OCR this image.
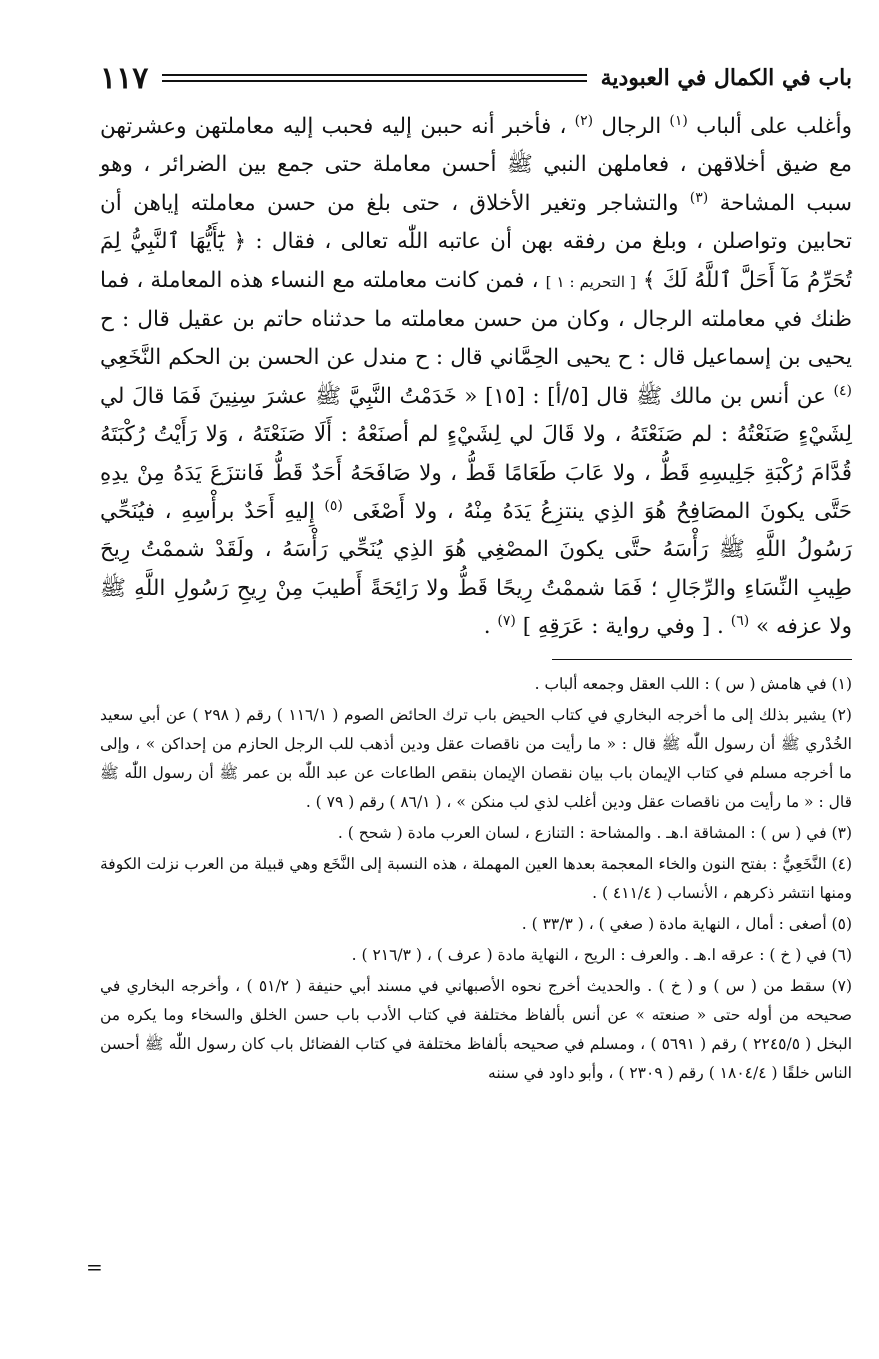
باب في الكمال في العبودية
١١٧

وأغلب على ألباب $^{(١)}$ الرجال $^{(٢)}$ ، فأخبر أنه حببن إليه فحبب إليه معاملتهن وعشرتهن مع ضيق أخلاقهن ، فعاملهن النبي ﷺ أحسن معاملة حتى جمع بين الضرائر ، وهو سبب المشاحة $^{(٣)}$ والتشاجر وتغير الأخلاق ، حتى بلغ من حسن معاملته إياهن أن تحابين وتواصلن ، وبلغ من رفقه بهن أن عاتبه اللّٰه تعالى ، فقال : ﴿ يَٰٓأَيُّهَا ٱلنَّبِيُّ لِمَ تُحَرِّمُ مَآ أَحَلَّ ٱللَّهُ لَكَ ﴾ [ التحريم : ١ ] ، فمن كانت معاملته مع النساء هذه المعاملة ، فما ظنك في معاملته الرجال ، وكان من حسن معاملته ما حدثناه حاتم بن عقيل قال : ح يحيى بن إسماعيل قال : ح يحيى الحِمَّاني قال : ح مندل عن الحسن بن الحكم النَّخَعِي $^{(٤)}$ عن أنس بن مالك ﷺ قال [٥/أ] : [١٥] « خَدَمْتُ النَّبِيَّ ﷺ عشرَ سِنِينَ فَمَا قالَ لي لِشَيْءٍ صَنَعْتُهُ : لم صَنَعْتَهُ ، ولا قَالَ لي لِشَيْءٍ لم أصنَعْهُ : أَلَا صَنَعْتَهُ ، وَلا رَأَيْتُ رُكْبَتَهُ قُدَّامَ رُكْبَةِ جَلِيسِهِ قَطُّ ، ولا عَابَ طَعَامًا قَطُّ ، ولا صَافَحَهُ أَحَدٌ قَطُّ فَانتزَعَ يَدَهُ مِنْ يدِهِ حَتَّى يكونَ المصَافِحُ هُوَ الذِي ينتزِعُ يَدَهُ مِنْهُ ، ولا أَصْغَى $^{(٥)}$ إِليهِ أَحَدٌ برأْسِهِ ، فيُنَحِّي رَسُولُ اللَّهِ ﷺ رَأْسَهُ حتَّى يكونَ المصْغِي هُوَ الذِي يُنَحِّي رَأْسَهُ ، ولَقَدْ شممْتُ رِيحَ طِيبِ النِّسَاءِ والرِّجَالِ ؛ فَمَا شممْتُ رِيحًا قَطُّ ولا رَائِحَةً أَطيبَ مِنْ رِيحِ رَسُولِ اللَّهِ ﷺ ولا عزفه » $^{(٦)}$ . [ وفي رواية : عَرَقِهِ ] $^{(٧)}$ .

(١) في هامش ( س ) : اللب العقل وجمعه ألباب .

(٢) يشير بذلك إلى ما أخرجه البخاري في كتاب الحيض باب ترك الحائض الصوم ( ١١٦/١ ) رقم ( ٢٩٨ ) عن أبي سعيد الخُدْري ﷺ أن رسول اللّٰه ﷺ قال : « ما رأيت من ناقصات عقل ودين أذهب للب الرجل الحازم من إحداكن » ، وإلى ما أخرجه مسلم في كتاب الإيمان باب بيان نقصان الإيمان بنقص الطاعات عن عبد اللّٰه بن عمر ﷺ أن رسول اللّٰه ﷺ قال : « ما رأيت من ناقصات عقل ودين أغلب لذي لب منكن » ، ( ٨٦/١ ) رقم ( ٧٩ ) .

(٣) في ( س ) : المشاقة ا.هـ . والمشاحة : التنازع ، لسان العرب مادة ( شحح ) .

(٤) النَّخَعِيُّ : بفتح النون والخاء المعجمة بعدها العين المهملة ، هذه النسبة إلى النَّخَع وهي قبيلة من العرب نزلت الكوفة ومنها انتشر ذكرهم ، الأنساب ( ٤١١/٤ ) .

(٥) أصغى : أمال ، النهاية مادة ( صغي ) ، ( ٣٣/٣ ) .

(٦) في ( خ ) : عرقه ا.هـ . والعرف : الريح ، النهاية مادة ( عرف ) ، ( ٢١٦/٣ ) .

(٧) سقط من ( س ) و ( خ ) . والحديث أخرج نحوه الأصبهاني في مسند أبي حنيفة ( ٥١/٢ ) ، وأخرجه البخاري في صحيحه من أوله حتى « صنعته » عن أنس بألفاظ مختلفة في كتاب الأدب باب حسن الخلق والسخاء وما يكره من البخل ( ٢٢٤٥/٥ ) رقم ( ٥٦٩١ ) ، ومسلم في صحيحه بألفاظ مختلفة في كتاب الفضائل باب كان رسول اللّٰه ﷺ أحسن الناس خلقًا ( ١٨٠٤/٤ ) رقم ( ٢٣٠٩ ) ، وأبو داود في سننه

=
